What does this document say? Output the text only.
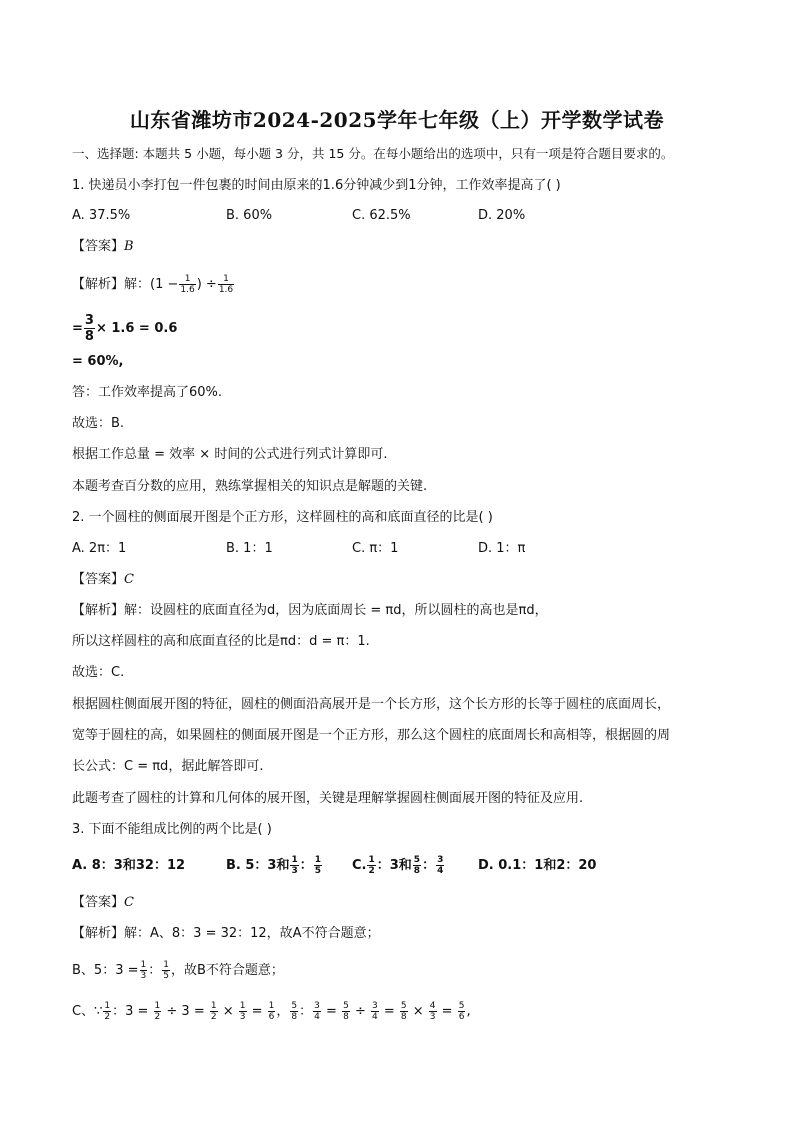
山东省潍坊市2024-2025学年七年级（上）开学数学试卷
一、选择题: 本题共 5 小题，每小题 3 分，共 15 分。在每小题给出的选项中，只有一项是符合题目要求的。
1. 快递员小李打包一件包裹的时间由原来的1.6分钟减少到1分钟，工作效率提高了( )
A. 37.5%	B. 60%	C. 62.5%	D. 20%
【答案】B
【解析】解：($1 - \frac{1}{1.6}$ ) ÷ $\frac{1}{1.6}$
= $\frac{3}{8} \times 1.6 = 0.6$
= 60%,
答：工作效率提高了60%.
故选：B.
根据工作总量 = 效率 × 时间的公式进行列式计算即可.
本题考查百分数的应用，熟练掌握相关的知识点是解题的关键.
2. 一个圆柱的侧面展开图是个正方形，这样圆柱的高和底面直径的比是( )
A. 2π：1	B. 1：1	C. π：1	D. 1：π
【答案】C
【解析】解：设圆柱的底面直径为d，因为底面周长 = πd，所以圆柱的高也是πd，
所以这样圆柱的高和底面直径的比是πd：d = π：1.
故选：C.
根据圆柱侧面展开图的特征，圆柱的侧面沿高展开是一个长方形，这个长方形的长等于圆柱的底面周长，
宽等于圆柱的高，如果圆柱的侧面展开图是一个正方形，那么这个圆柱的底面周长和高相等，根据圆的周
长公式：C = πd，据此解答即可.
此题考查了圆柱的计算和几何体的展开图，关键是理解掌握圆柱侧面展开图的特征及应用.
3. 下面不能组成比例的两个比是( )
A. 8：3和32：12	B. 5：3和 $\frac{1}{3}$ ： $\frac{1}{5} C$. $\frac{1}{2}$ ：3和 $\frac{5}{8}$ ： $\frac{3}{4}$	D. 0.1：1和2：20
【答案】C
【解析】解：A、8：3 = 32：12，故A不符合题意；
B、5：$3 = \frac{1}{3}$ ： $\frac{1}{5}$ ，故B不符合题意；
C、∵ $\frac{1}{2}$ ：$3 = \frac{1}{2} \div 3 = \frac{1}{2} \times \frac{1}{3} = \frac{1}{6}$ ， $\frac{5}{8}$ ： $\frac{3}{4} = \frac{5}{8} \div \frac{3}{4} = \frac{5}{8} \times \frac{4}{3} = \frac{5}{6}$ ,
